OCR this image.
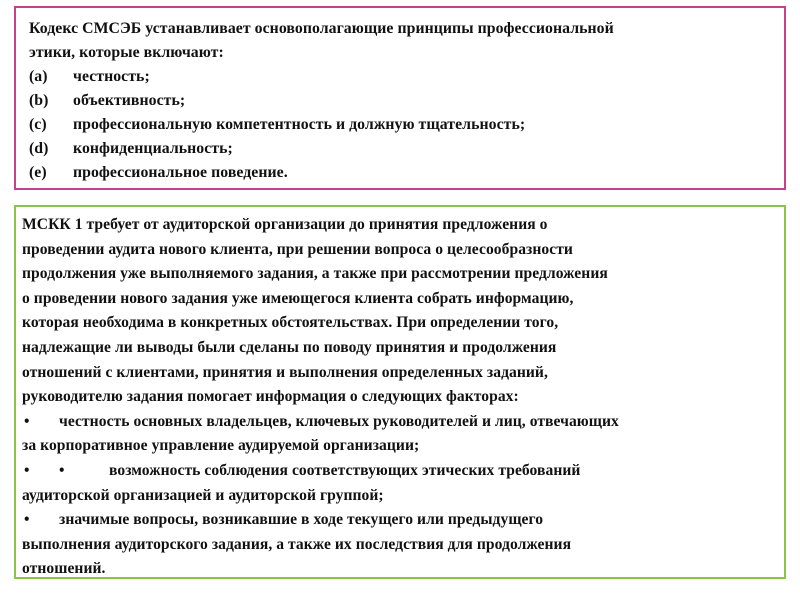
Кодекс СМСЭБ устанавливает основополагающие принципы профессиональной
этики, которые включают:
(a)	честность;
(b)	объективность;
(c)	профессиональную компетентность и должную тщательность;
(d)	конфиденциальность;
(e)	профессиональное поведение.
МСКК 1 требует от аудиторской организации до принятия предложения о
проведении аудита нового клиента, при решении вопроса о целесообразности
продолжения уже выполняемого задания, а также при рассмотрении предложения
о проведении нового задания уже имеющегося клиента собрать информацию,
которая необходима в конкретных обстоятельствах. При определении того,
надлежащие ли выводы были сделаны по поводу принятия и продолжения
отношений с клиентами, принятия и выполнения определенных заданий,
руководителю задания помогает информация о следующих факторах:
•	честность основных владельцев, ключевых руководителей и лиц, отвечающих
за корпоративное управление аудируемой организации;
•	•	возможность соблюдения соответствующих этических требований
аудиторской организацией и аудиторской группой;
•	значимые вопросы, возникавшие в ходе текущего или предыдущего
выполнения аудиторского задания, а также их последствия для продолжения
отношений.
